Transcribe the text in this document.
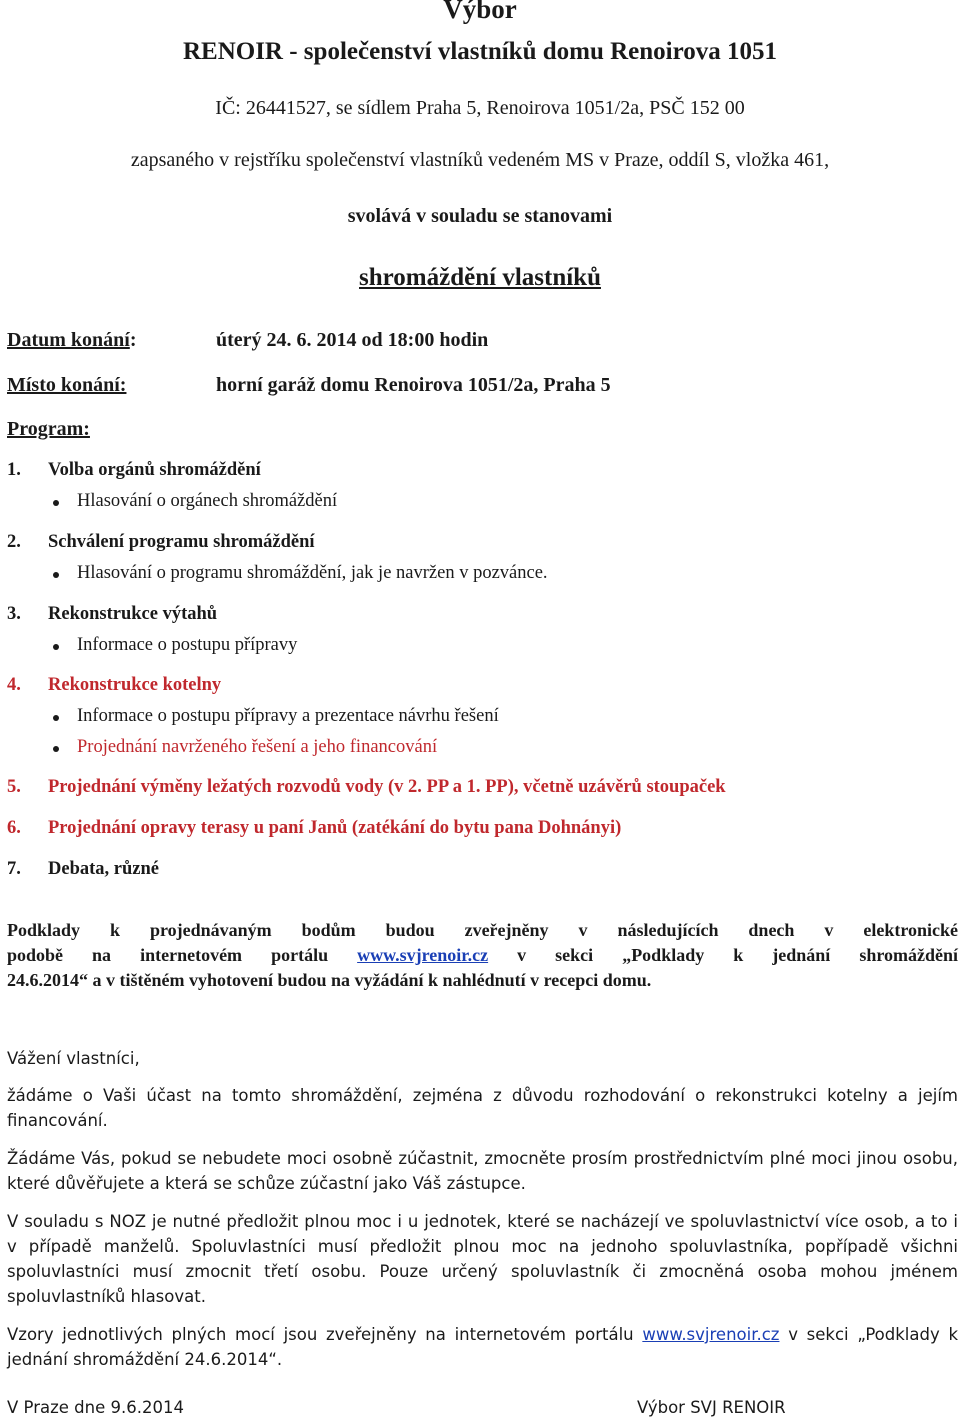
Výbor
RENOIR - společenství vlastníků domu Renoirova 1051
IČ: 26441527, se sídlem Praha 5, Renoirova 1051/2a, PSČ 152 00
zapsaného v rejstříku společenství vlastníků vedeném MS v Praze, oddíl S, vložka 461,
svolává v souladu se stanovami
shromáždění vlastníků
Datum konání:	úterý 24. 6. 2014 od 18:00 hodin
Místo konání:	horní garáž domu Renoirova 1051/2a, Praha 5
Program:
1. Volba orgánů shromáždění
Hlasování o orgánech shromáždění
2. Schválení programu shromáždění
Hlasování o programu shromáždění, jak je navržen v pozvánce.
3. Rekonstrukce výtahů
Informace o postupu přípravy
4. Rekonstrukce kotelny
Informace o postupu přípravy a prezentace návrhu řešení
Projednání navrženého řešení a jeho financování
5. Projednání výměny ležatých rozvodů vody (v 2. PP a 1. PP), včetně uzávěrů stoupaček
6. Projednání opravy terasy u paní Janů (zatékání do bytu pana Dohnányi)
7. Debata, různé
Podklady k projednávaným bodům budou zveřejněny v následujících dnech v elektronické
podobě na internetovém portálu www.svjrenoir.cz v sekci „Podklady k jednání shromáždění
24.6.2014“ a v tištěném vyhotovení budou na vyžádání k nahlédnutí v recepci domu.
Vážení vlastníci,
žádáme o Vaši účast na tomto shromáždění, zejména z důvodu rozhodování o rekonstrukci kotelny a jejím financování.
Žádáme Vás, pokud se nebudete moci osobně zúčastnit, zmocněte prosím prostřednictvím plné moci jinou osobu, které důvěřujete a která se schůze zúčastní jako Váš zástupce.
V souladu s NOZ je nutné předložit plnou moc i u jednotek, které se nacházejí ve spoluvlastnictví více osob, a to i v případě manželů. Spoluvlastníci musí předložit plnou moc na jednoho spoluvlastníka, popřípadě všichni spoluvlastníci musí zmocnit třetí osobu. Pouze určený spoluvlastník či zmocněná osoba mohou jménem spoluvlastníků hlasovat.
Vzory jednotlivých plných mocí jsou zveřejněny na internetovém portálu www.svjrenoir.cz v sekci „Podklady k jednání shromáždění 24.6.2014“.
V Praze dne 9.6.2014	Výbor SVJ RENOIR
